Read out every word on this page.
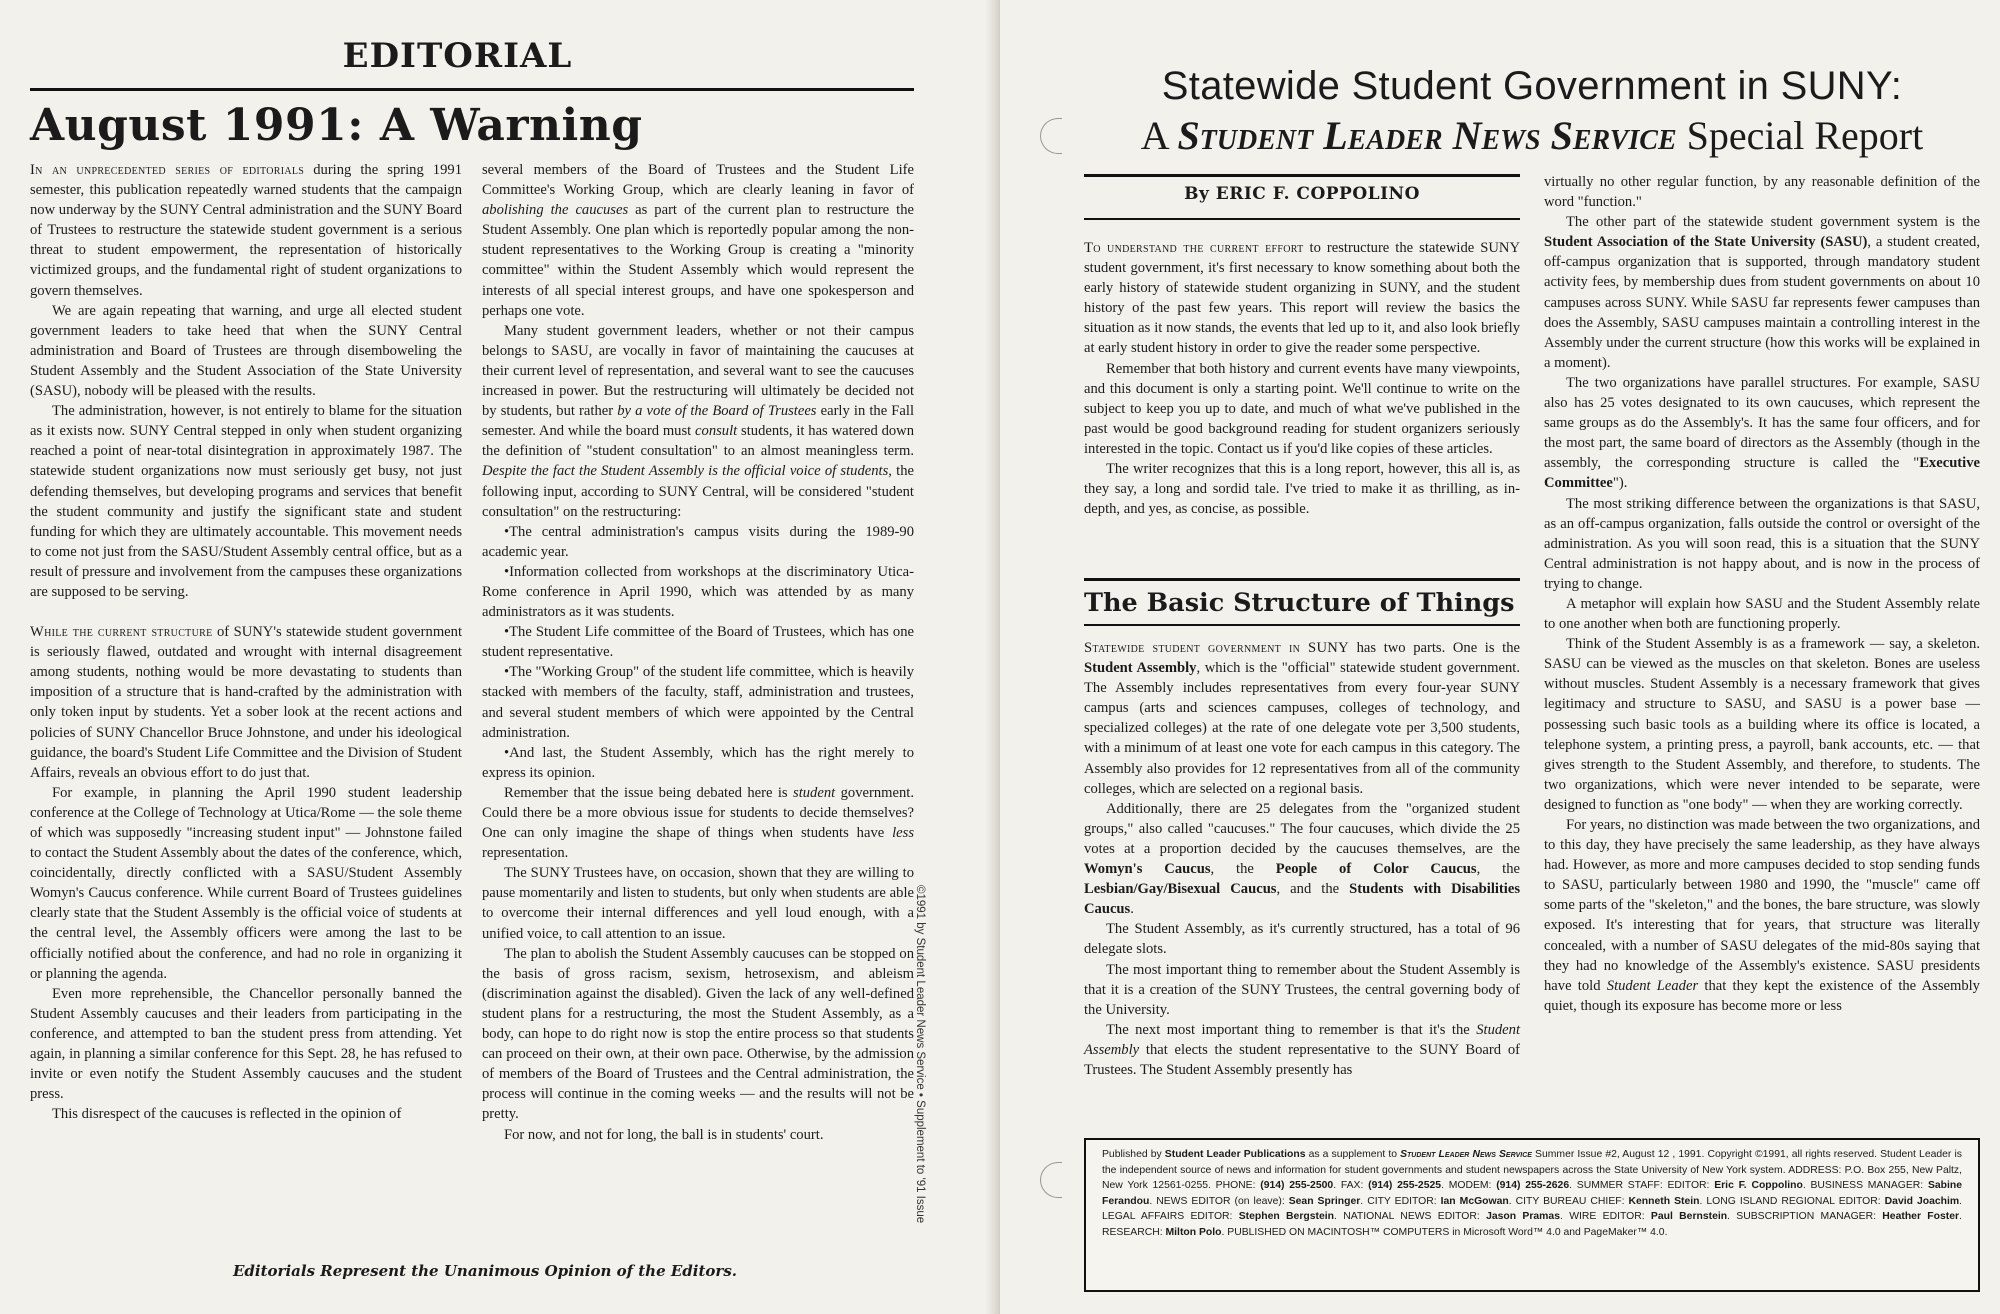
EDITORIAL
August 1991: A Warning

In an unprecedented series of editorials during the spring 1991 semester, this publication repeatedly warned students that the campaign now underway by the SUNY Central administration and the SUNY Board of Trustees to restructure the statewide student government is a serious threat to student empowerment, the representation of historically victimized groups, and the fundamental right of student organizations to govern themselves.

We are again repeating that warning, and urge all elected student government leaders to take heed that when the SUNY Central administration and Board of Trustees are through disemboweling the Student Assembly and the Student Association of the State University (SASU), nobody will be pleased with the results.

The administration, however, is not entirely to blame for the situation as it exists now. SUNY Central stepped in only when student organizing reached a point of near-total disintegration in approximately 1987. The statewide student organizations now must seriously get busy, not just defending themselves, but developing programs and services that benefit the student community and justify the significant state and student funding for which they are ultimately accountable. This movement needs to come not just from the SASU/Student Assembly central office, but as a result of pressure and involvement from the campuses these organizations are supposed to be serving.

While the current structure of SUNY's statewide student government is seriously flawed, outdated and wrought with internal disagreement among students, nothing would be more devastating to students than imposition of a structure that is hand-crafted by the administration with only token input by students. Yet a sober look at the recent actions and policies of SUNY Chancellor Bruce Johnstone, and under his ideological guidance, the board's Student Life Committee and the Division of Student Affairs, reveals an obvious effort to do just that.

For example, in planning the April 1990 student leadership conference at the College of Technology at Utica/Rome — the sole theme of which was supposedly "increasing student input" — Johnstone failed to contact the Student Assembly about the dates of the conference, which, coincidentally, directly conflicted with a SASU/Student Assembly Womyn's Caucus conference. While current Board of Trustees guidelines clearly state that the Student Assembly is the official voice of students at the central level, the Assembly officers were among the last to be officially notified about the conference, and had no role in organizing it or planning the agenda.

Even more reprehensible, the Chancellor personally banned the Student Assembly caucuses and their leaders from participating in the conference, and attempted to ban the student press from attending. Yet again, in planning a similar conference for this Sept. 28, he has refused to invite or even notify the Student Assembly caucuses and the student press.

This disrespect of the caucuses is reflected in the opinion of

several members of the Board of Trustees and the Student Life Committee's Working Group, which are clearly leaning in favor of abolishing the caucuses as part of the current plan to restructure the Student Assembly. One plan which is reportedly popular among the non-student representatives to the Working Group is creating a "minority committee" within the Student Assembly which would represent the interests of all special interest groups, and have one spokesperson and perhaps one vote.

Many student government leaders, whether or not their campus belongs to SASU, are vocally in favor of maintaining the caucuses at their current level of representation, and several want to see the caucuses increased in power. But the restructuring will ultimately be decided not by students, but rather by a vote of the Board of Trustees early in the Fall semester. And while the board must consult students, it has watered down the definition of "student consultation" to an almost meaningless term. Despite the fact the Student Assembly is the official voice of students, the following input, according to SUNY Central, will be considered "student consultation" on the restructuring:

•The central administration's campus visits during the 1989-90 academic year.

•Information collected from workshops at the discriminatory Utica-Rome conference in April 1990, which was attended by as many administrators as it was students.

•The Student Life committee of the Board of Trustees, which has one student representative.

•The "Working Group" of the student life committee, which is heavily stacked with members of the faculty, staff, administration and trustees, and several student members of which were appointed by the Central administration.

•And last, the Student Assembly, which has the right merely to express its opinion.

Remember that the issue being debated here is student government. Could there be a more obvious issue for students to decide themselves? One can only imagine the shape of things when students have less representation.

The SUNY Trustees have, on occasion, shown that they are willing to pause momentarily and listen to students, but only when students are able to overcome their internal differences and yell loud enough, with a unified voice, to call attention to an issue.

The plan to abolish the Student Assembly caucuses can be stopped on the basis of gross racism, sexism, hetrosexism, and ableism (discrimination against the disabled). Given the lack of any well-defined student plans for a restructuring, the most the Student Assembly, as a body, can hope to do right now is stop the entire process so that students can proceed on their own, at their own pace. Otherwise, by the admission of members of the Board of Trustees and the Central administration, the process will continue in the coming weeks — and the results will not be pretty.

For now, and not for long, the ball is in students' court.	©1991 by Student Leader News Service • Supplement to '91 Issue
Editorials Represent the Unanimous Opinion of the Editors.
Statewide Student Government in SUNY:
A Student Leader News Service Special Report
By ERIC F. COPPOLINO

To understand the current effort to restructure the statewide SUNY student government, it's first necessary to know something about both the early history of statewide student organizing in SUNY, and the student history of the past few years. This report will review the basics the situation as it now stands, the events that led up to it, and also look briefly at early student history in order to give the reader some perspective.

Remember that both history and current events have many viewpoints, and this document is only a starting point. We'll continue to write on the subject to keep you up to date, and much of what we've published in the past would be good background reading for student organizers seriously interested in the topic. Contact us if you'd like copies of these articles.

The writer recognizes that this is a long report, however, this all is, as they say, a long and sordid tale. I've tried to make it as thrilling, as in-depth, and yes, as concise, as possible.

The Basic Structure of Things

Statewide student government in SUNY has two parts. One is the Student Assembly, which is the "official" statewide student government. The Assembly includes representatives from every four-year SUNY campus (arts and sciences campuses, colleges of technology, and specialized colleges) at the rate of one delegate vote per 3,500 students, with a minimum of at least one vote for each campus in this category. The Assembly also provides for 12 representatives from all of the community colleges, which are selected on a regional basis.

Additionally, there are 25 delegates from the "organized student groups," also called "caucuses." The four caucuses, which divide the 25 votes at a proportion decided by the caucuses themselves, are the Womyn's Caucus, the People of Color Caucus, the Lesbian/Gay/Bisexual Caucus, and the Students with Disabilities Caucus.

The Student Assembly, as it's currently structured, has a total of 96 delegate slots.

The most important thing to remember about the Student Assembly is that it is a creation of the SUNY Trustees, the central governing body of the University.

The next most important thing to remember is that it's the Student Assembly that elects the student representative to the SUNY Board of Trustees. The Student Assembly presently has

virtually no other regular function, by any reasonable definition of the word "function."

The other part of the statewide student government system is the Student Association of the State University (SASU), a student created, off-campus organization that is supported, through mandatory student activity fees, by membership dues from student governments on about 10 campuses across SUNY. While SASU far represents fewer campuses than does the Assembly, SASU campuses maintain a controlling interest in the Assembly under the current structure (how this works will be explained in a moment).

The two organizations have parallel structures. For example, SASU also has 25 votes designated to its own caucuses, which represent the same groups as do the Assembly's. It has the same four officers, and for the most part, the same board of directors as the Assembly (though in the assembly, the corresponding structure is called the "Executive Committee").

The most striking difference between the organizations is that SASU, as an off-campus organization, falls outside the control or oversight of the administration. As you will soon read, this is a situation that the SUNY Central administration is not happy about, and is now in the process of trying to change.

A metaphor will explain how SASU and the Student Assembly relate to one another when both are functioning properly.

Think of the Student Assembly is as a framework — say, a skeleton. SASU can be viewed as the muscles on that skeleton. Bones are useless without muscles. Student Assembly is a necessary framework that gives legitimacy and structure to SASU, and SASU is a power base — possessing such basic tools as a building where its office is located, a telephone system, a printing press, a payroll, bank accounts, etc. — that gives strength to the Student Assembly, and therefore, to students. The two organizations, which were never intended to be separate, were designed to function as "one body" — when they are working correctly.

For years, no distinction was made between the two organizations, and to this day, they have precisely the same leadership, as they have always had. However, as more and more campuses decided to stop sending funds to SASU, particularly between 1980 and 1990, the "muscle" came off some parts of the "skeleton," and the bones, the bare structure, was slowly exposed. It's interesting that for years, that structure was literally concealed, with a number of SASU delegates of the mid-80s saying that they had no knowledge of the Assembly's existence. SASU presidents have told Student Leader that they kept the existence of the Assembly quiet, though its exposure has become more or less

Published by Student Leader Publications as a supplement to Student Leader News Service Summer Issue #2, August 12 , 1991. Copyright ©1991, all rights reserved. Student Leader is the independent source of news and information for student governments and student newspapers across the State University of New York system. ADDRESS: P.O. Box 255, New Paltz, New York 12561-0255. PHONE: (914) 255-2500. FAX: (914) 255-2525. MODEM: (914) 255-2626. SUMMER STAFF: EDITOR: Eric F. Coppolino. BUSINESS MANAGER: Sabine Ferandou. NEWS EDITOR (on leave): Sean Springer. CITY EDITOR: Ian McGowan. CITY BUREAU CHIEF: Kenneth Stein. LONG ISLAND REGIONAL EDITOR: David Joachim. LEGAL AFFAIRS EDITOR: Stephen Bergstein. NATIONAL NEWS EDITOR: Jason Pramas. WIRE EDITOR: Paul Bernstein. SUBSCRIPTION MANAGER: Heather Foster. RESEARCH: Milton Polo. PUBLISHED ON MACINTOSH™ COMPUTERS in Microsoft Word™ 4.0 and PageMaker™ 4.0.
